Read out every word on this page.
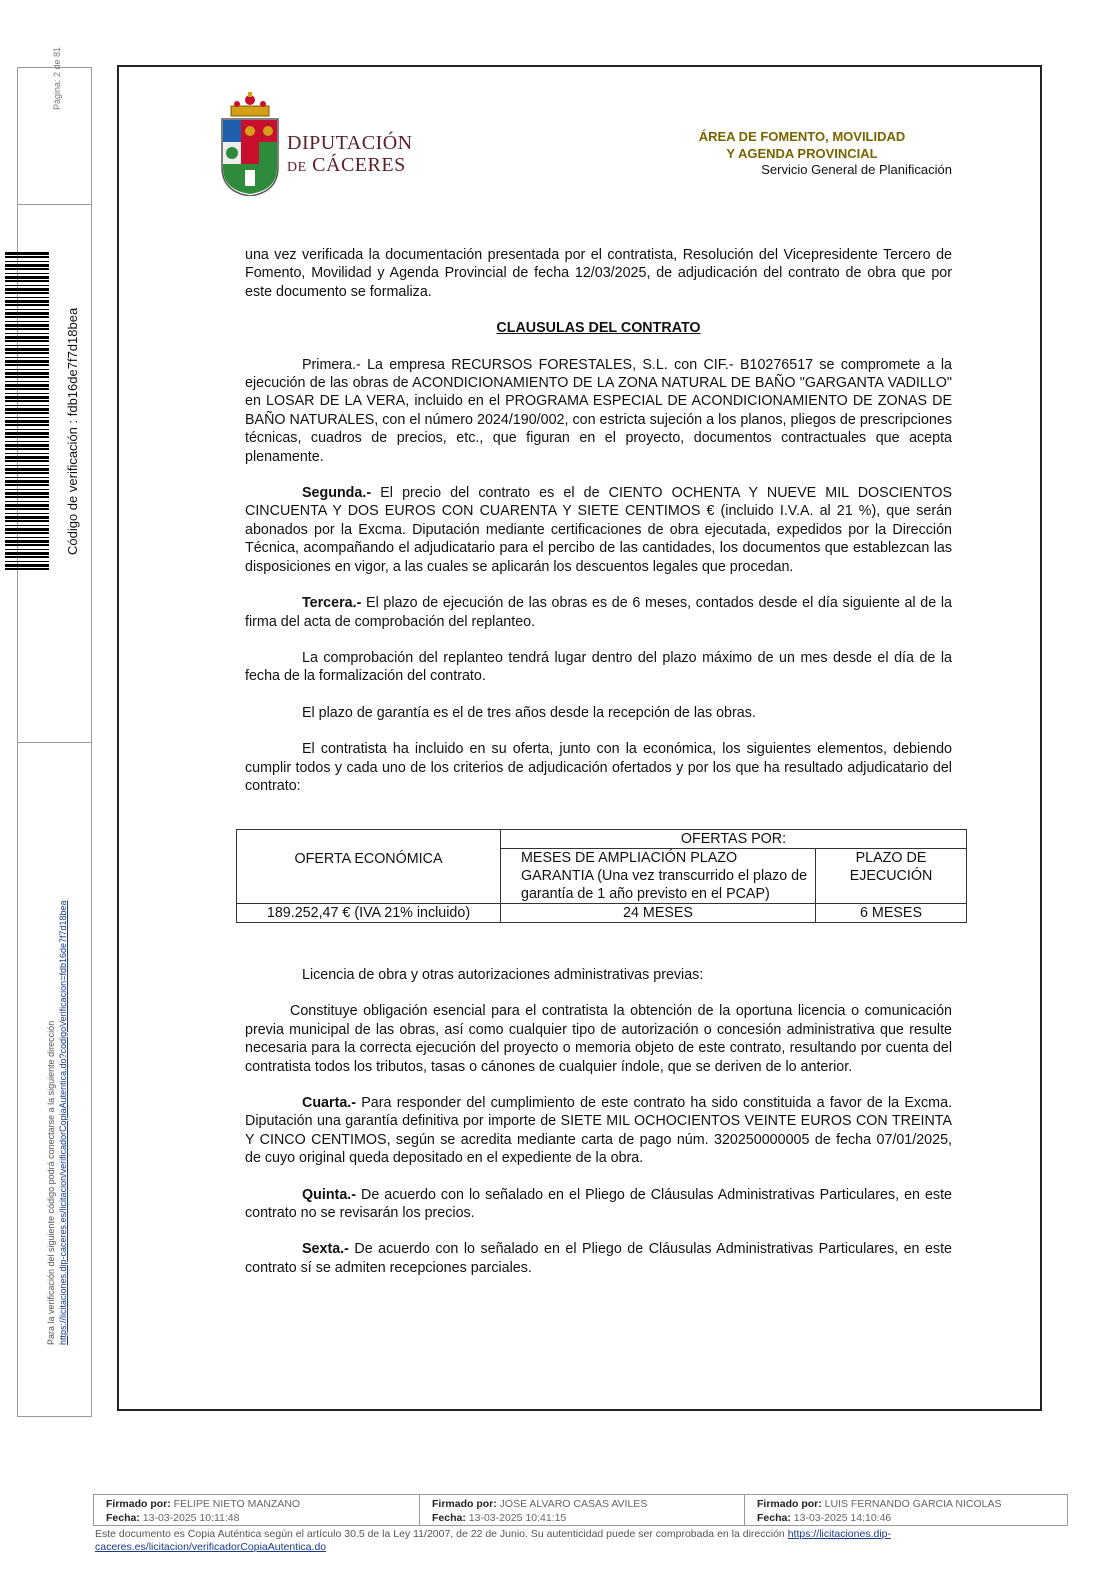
Página: 2 de 81
Código de verificación : fdb16de7f7d18bea
Para la verificación del siguiente código podrá conectarse a la siguiente dirección https://licitaciones.dip-caceres.es/licitacion/verificadorCopiaAutentica.do?codigoVerificacion=fdb16de7f7d18bea
DIPUTACIÓN
DE CÁCERES
ÁREA DE FOMENTO, MOVILIDAD
Y AGENDA PROVINCIAL
Servicio General de Planificación

una vez verificada la documentación presentada por el contratista, Resolución del Vicepresidente Tercero de Fomento, Movilidad y Agenda Provincial de fecha 12/03/2025, de adjudicación del contrato de obra que por este documento se formaliza.

CLAUSULAS DEL CONTRATO

Primera.- La empresa RECURSOS FORESTALES, S.L. con CIF.- B10276517 se compromete a la ejecución de las obras de ACONDICIONAMIENTO DE LA ZONA NATURAL DE BAÑO "GARGANTA VADILLO" en LOSAR DE LA VERA, incluido en el PROGRAMA ESPECIAL DE ACONDICIONAMIENTO DE ZONAS DE BAÑO NATURALES, con el número 2024/190/002, con estricta sujeción a los planos, pliegos de prescripciones técnicas, cuadros de precios, etc., que figuran en el proyecto, documentos contractuales que acepta plenamente.

Segunda.- El precio del contrato es el de CIENTO OCHENTA Y NUEVE MIL DOSCIENTOS CINCUENTA Y DOS EUROS CON CUARENTA Y SIETE CENTIMOS € (incluido I.V.A. al 21 %), que serán abonados por la Excma. Diputación mediante certificaciones de obra ejecutada, expedidos por la Dirección Técnica, acompañando el adjudicatario para el percibo de las cantidades, los documentos que establezcan las disposiciones en vigor, a las cuales se aplicarán los descuentos legales que procedan.

Tercera.- El plazo de ejecución de las obras es de 6 meses, contados desde el día siguiente al de la firma del acta de comprobación del replanteo.

La comprobación del replanteo tendrá lugar dentro del plazo máximo de un mes desde el día de la fecha de la formalización del contrato.

El plazo de garantía es el de tres años desde la recepción de las obras.

El contratista ha incluido en su oferta, junto con la económica, los siguientes elementos, debiendo cumplir todos y cada uno de los criterios de adjudicación ofertados y por los que ha resultado adjudicatario del contrato:

OFERTA ECONÓMICA	OFERTAS POR:	
	MESES DE AMPLIACIÓN PLAZO GARANTIA (Una vez transcurrido el plazo de garantía de 1 año previsto en el PCAP)	PLAZO DE EJECUCIÓN
189.252,47 € (IVA 21% incluido)	24 MESES	6 MESES

Licencia de obra y otras autorizaciones administrativas previas:

Constituye obligación esencial para el contratista la obtención de la oportuna licencia o comunicación previa municipal de las obras, así como cualquier tipo de autorización o concesión administrativa que resulte necesaria para la correcta ejecución del proyecto o memoria objeto de este contrato, resultando por cuenta del contratista todos los tributos, tasas o cánones de cualquier índole, que se deriven de lo anterior.

Cuarta.- Para responder del cumplimiento de este contrato ha sido constituida a favor de la Excma. Diputación una garantía definitiva por importe de SIETE MIL OCHOCIENTOS VEINTE EUROS CON TREINTA Y CINCO CENTIMOS, según se acredita mediante carta de pago núm. 320250000005 de fecha 07/01/2025, de cuyo original queda depositado en el expediente de la obra.

Quinta.- De acuerdo con lo señalado en el Pliego de Cláusulas Administrativas Particulares, en este contrato no se revisarán los precios.

Sexta.- De acuerdo con lo señalado en el Pliego de Cláusulas Administrativas Particulares, en este contrato sí se admiten recepciones parciales.

Firmado por: FELIPE NIETO MANZANO
Fecha: 13-03-2025 10:11:48
Firmado por: JOSE ALVARO CASAS AVILES
Fecha: 13-03-2025 10:41:15
Firmado por: LUIS FERNANDO GARCIA NICOLAS
Fecha: 13-03-2025 14:10:46
Este documento es Copia Auténtica según el artículo 30.5 de la Ley 11/2007, de 22 de Junio. Su autenticidad puede ser comprobada en la dirección https://licitaciones.dip-caceres.es/licitacion/verificadorCopiaAutentica.do
